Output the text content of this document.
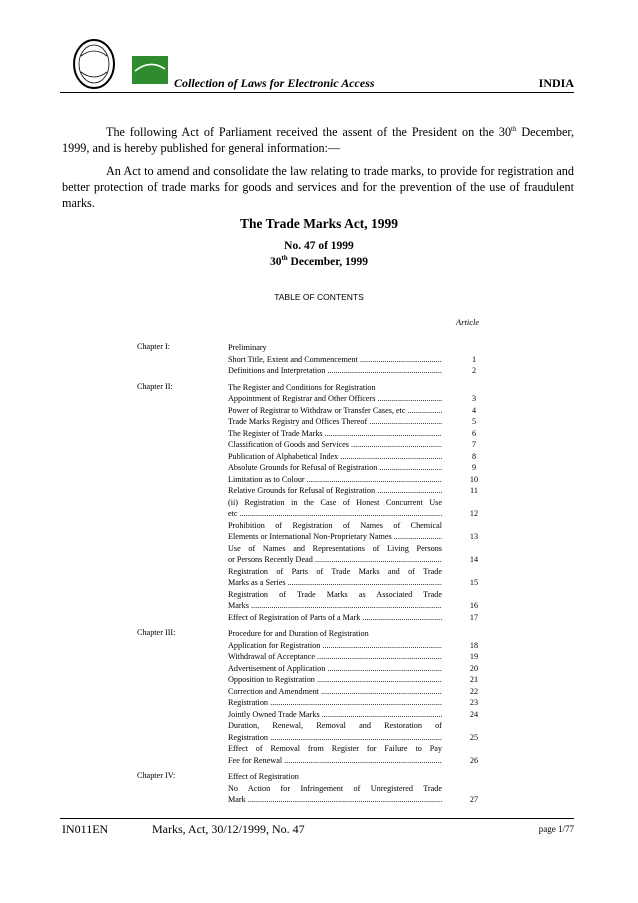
Collection of Laws for Electronic Access	INDIA
The following Act of Parliament received the assent of the President on the 30th December, 1999, and is hereby published for general information:—
An Act to amend and consolidate the law relating to trade marks, to provide for registration and better protection of trade marks for goods and services and for the prevention of the use of fraudulent marks.
The Trade Marks Act, 1999
No. 47 of 1999
30th December, 1999
TABLE OF CONTENTS
Article
Chapter I:	Preliminary
Short Title, Extent and Commencement .....	1
Definitions and Interpretation .....	2
Chapter II:	The Register and Conditions for Registration
Appointment of Registrar and Other Officers .....	3
Power of Registrar to Withdraw or Transfer Cases, etc .....	4
Trade Marks Registry and Offices Thereof .....	5
The Register of Trade Marks .....	6
Classification of Goods and Services .....	7
Publication of Alphabetical Index .....	8
Absolute Grounds for Refusal of Registration .....	9
Limitation as to Colour .....	10
Relative Grounds for Refusal of Registration .....	11
(ii) Registration in the Case of Honest Concurrent Use
etc .....	12
Prohibition of Registration of Names of Chemical
Elements or International Non-Proprietary Names .....	13
Use of Names and Representations of Living Persons
or Persons Recently Dead .....	14
Registration of Parts of Trade Marks and of Trade
Marks as a Series .....	15
Registration of Trade Marks as Associated Trade
Marks .....	16
Effect of Registration of Parts of a Mark .....	17
Chapter III:	Procedure for and Duration of Registration
Application for Registration .....	18
Withdrawal of Acceptance .....	19
Advertisement of Application .....	20
Opposition to Registration .....	21
Correction and Amendment .....	22
Registration .....	23
Jointly Owned Trade Marks .....	24
Duration, Renewal, Removal and Restoration of
Registration .....	25
Effect of Removal from Register for Failure to Pay
Fee for Renewal .....	26
Chapter IV:	Effect of Registration
No Action for Infringement of Unregistered Trade
Mark .....	27
IN011EN	Marks, Act, 30/12/1999, No. 47	page 1/77
